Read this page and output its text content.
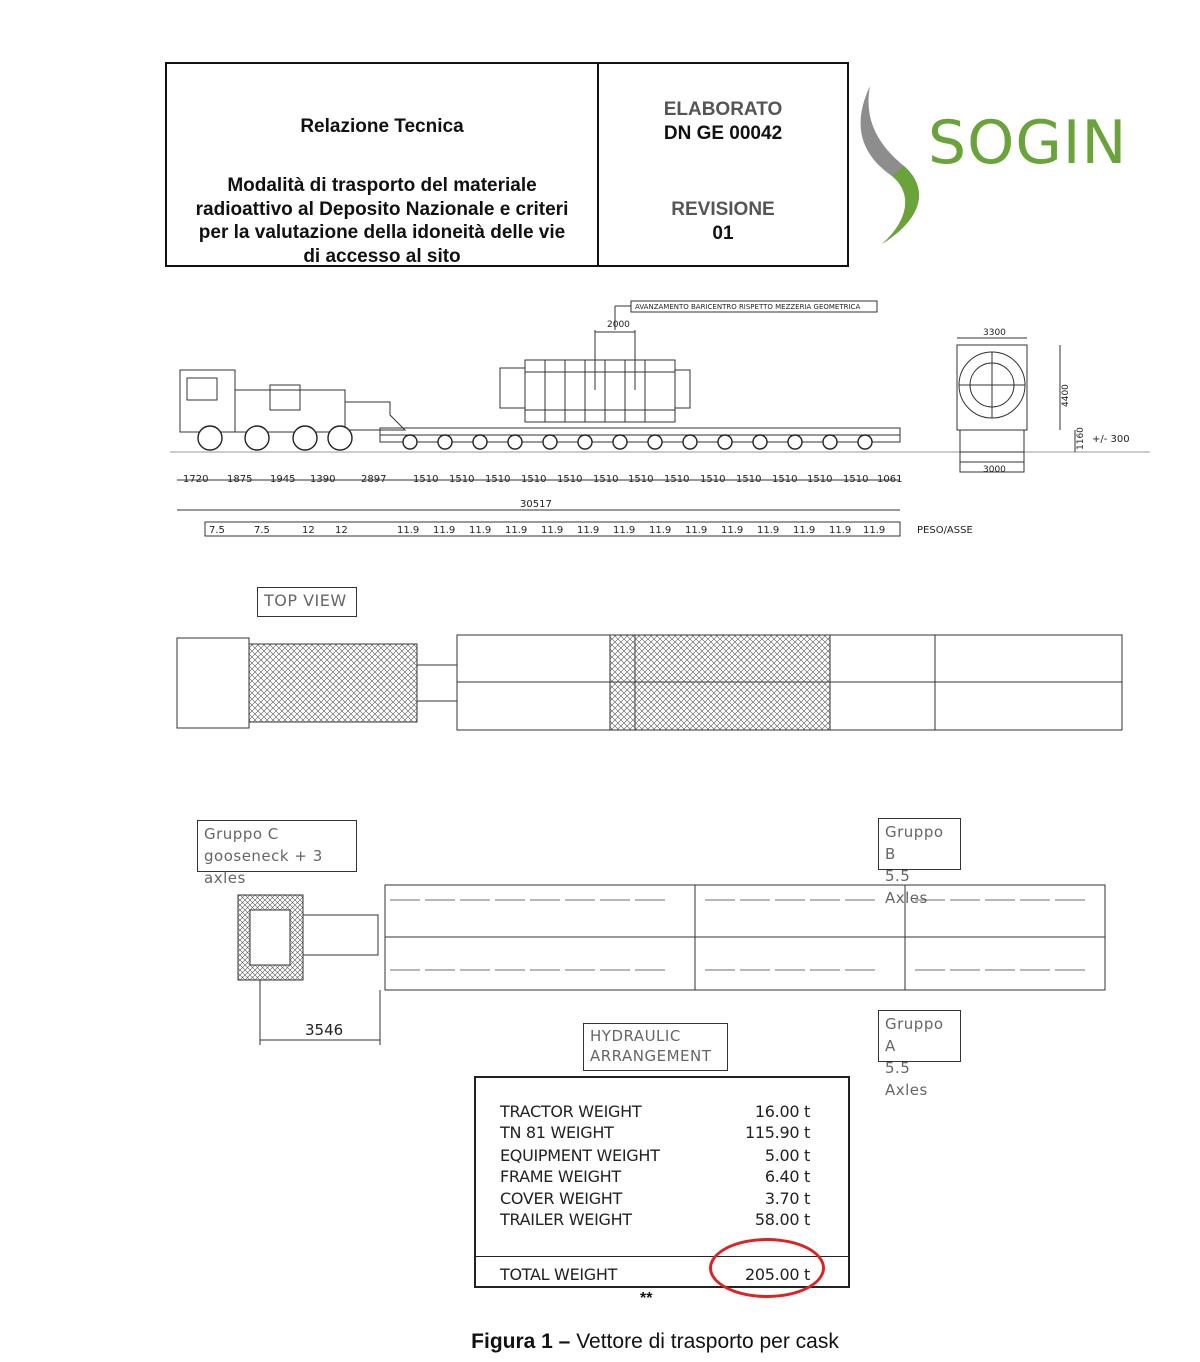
Relazione Tecnica
Modalità di trasporto del materiale
radioattivo al Deposito Nazionale e criteri
per la valutazione della idoneità delle vie
di accesso al sito
ELABORATO
DN GE 00042
REVISIONE
01
SOGIN
AVANZAMENTO BARICENTRO RISPETTO MEZZERIA GEOMETRICA
2000
1720 1875 1945 1390	2897	1510 1510 1510 1510 1510 1510 1510 1510 1510 1510 1510 1510 1510 1061
30517
7.5	7.5	12 12	11.9 11.9 11.9 11.9 11.9 11.9 11.9 11.9 11.9 11.9 11.9 11.9 11.9 11.9	PESO/ASSE
3300
3000
4400
1160 +/- 300
TOP VIEW
Gruppo C
gooseneck + 3 axles
Gruppo B
5.5 Axles
Gruppo A
5.5 Axles
3546	HYDRAULIC
ARRANGEMENT
TRACTOR WEIGHT	16.00 t
TN 81 WEIGHT	115.90 t
EQUIPMENT WEIGHT	5.00 t
FRAME WEIGHT	6.40 t
COVER WEIGHT	3.70 t
TRAILER WEIGHT	58.00 t
TOTAL WEIGHT	205.00 t
**
Figura 1 – Vettore di trasporto per cask
